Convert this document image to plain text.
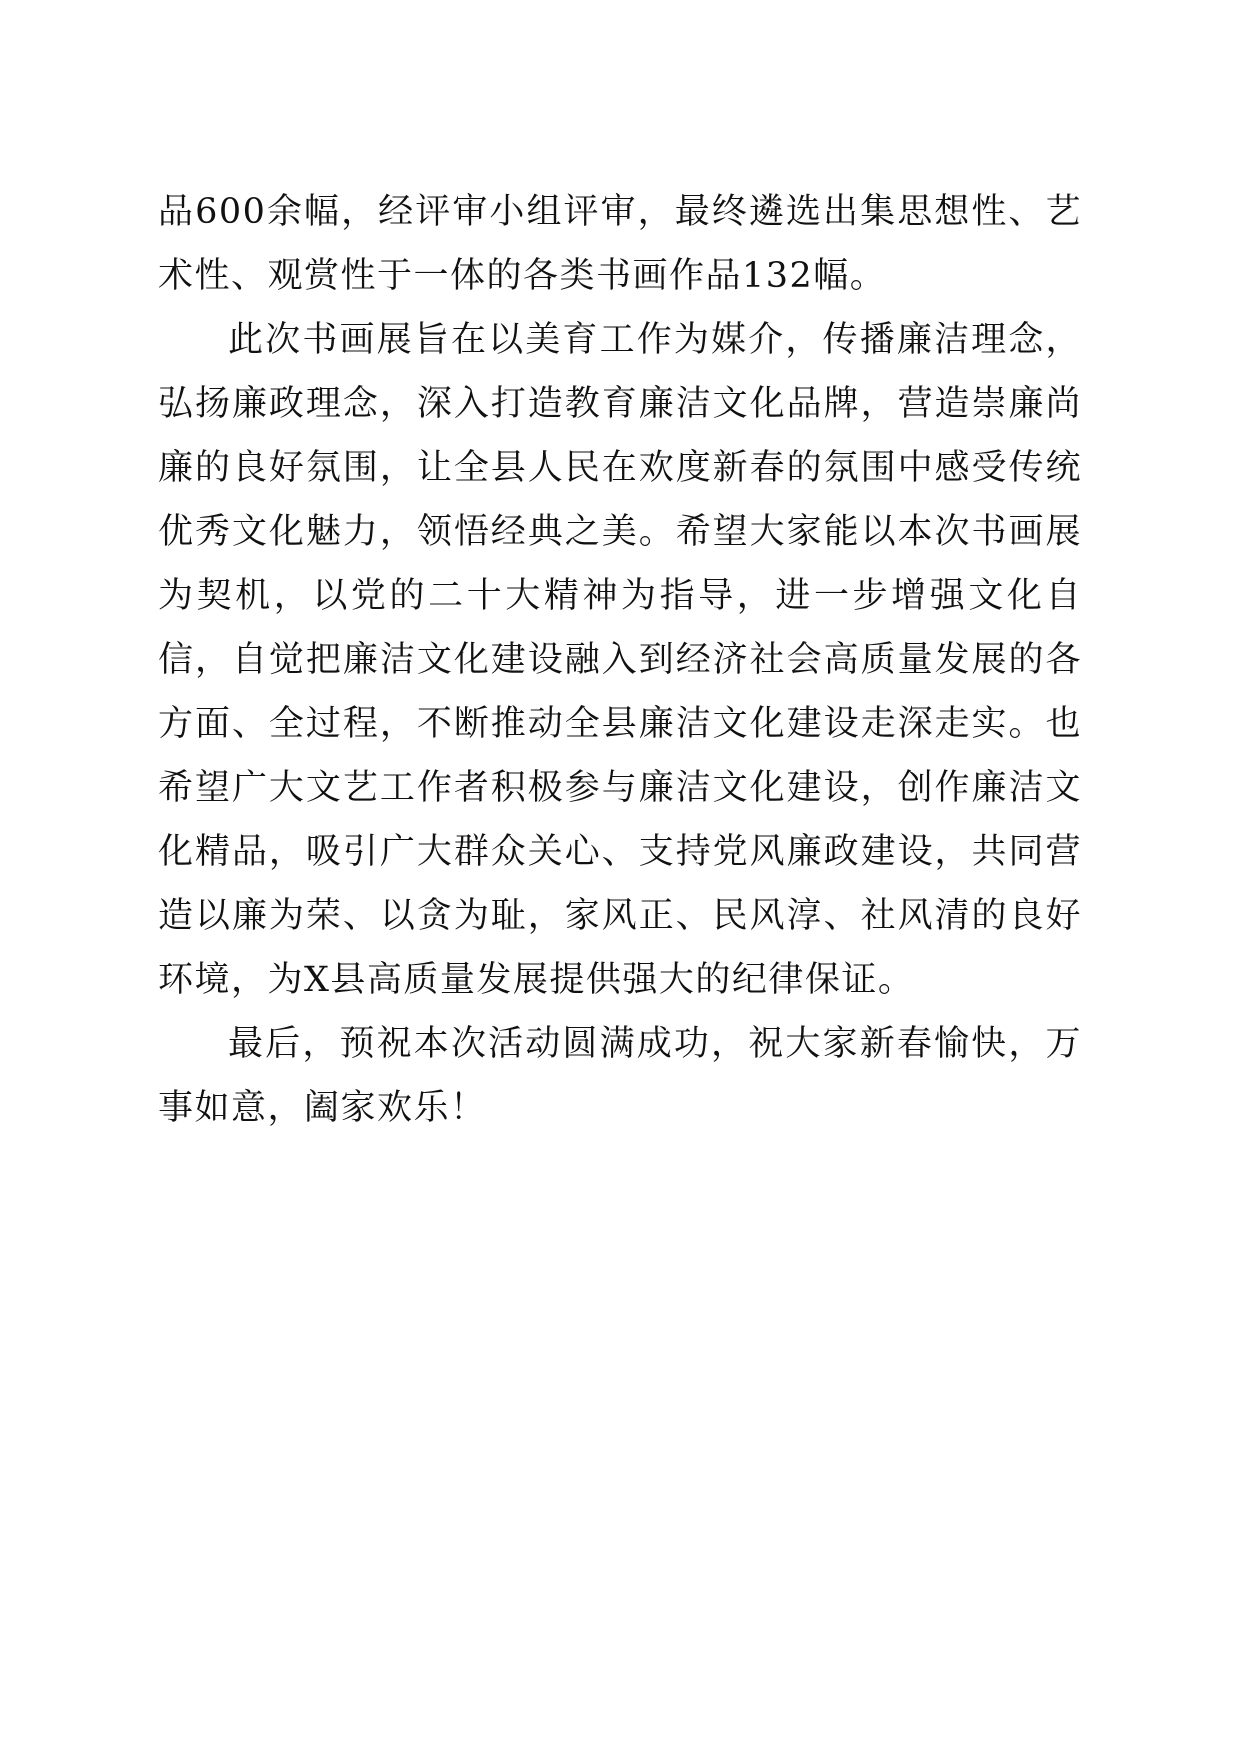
品600余幅，经评审小组评审，最终遴选出集思想性、艺术性、观赏性于一体的各类书画作品132幅。

此次书画展旨在以美育工作为媒介，传播廉洁理念，弘扬廉政理念，深入打造教育廉洁文化品牌，营造崇廉尚廉的良好氛围，让全县人民在欢度新春的氛围中感受传统优秀文化魅力，领悟经典之美。希望大家能以本次书画展为契机，以党的二十大精神为指导，进一步增强文化自信，自觉把廉洁文化建设融入到经济社会高质量发展的各方面、全过程，不断推动全县廉洁文化建设走深走实。也希望广大文艺工作者积极参与廉洁文化建设，创作廉洁文化精品，吸引广大群众关心、支持党风廉政建设，共同营造以廉为荣、以贪为耻，家风正、民风淳、社风清的良好环境，为X县高质量发展提供强大的纪律保证。

最后，预祝本次活动圆满成功，祝大家新春愉快，万事如意，阖家欢乐！
